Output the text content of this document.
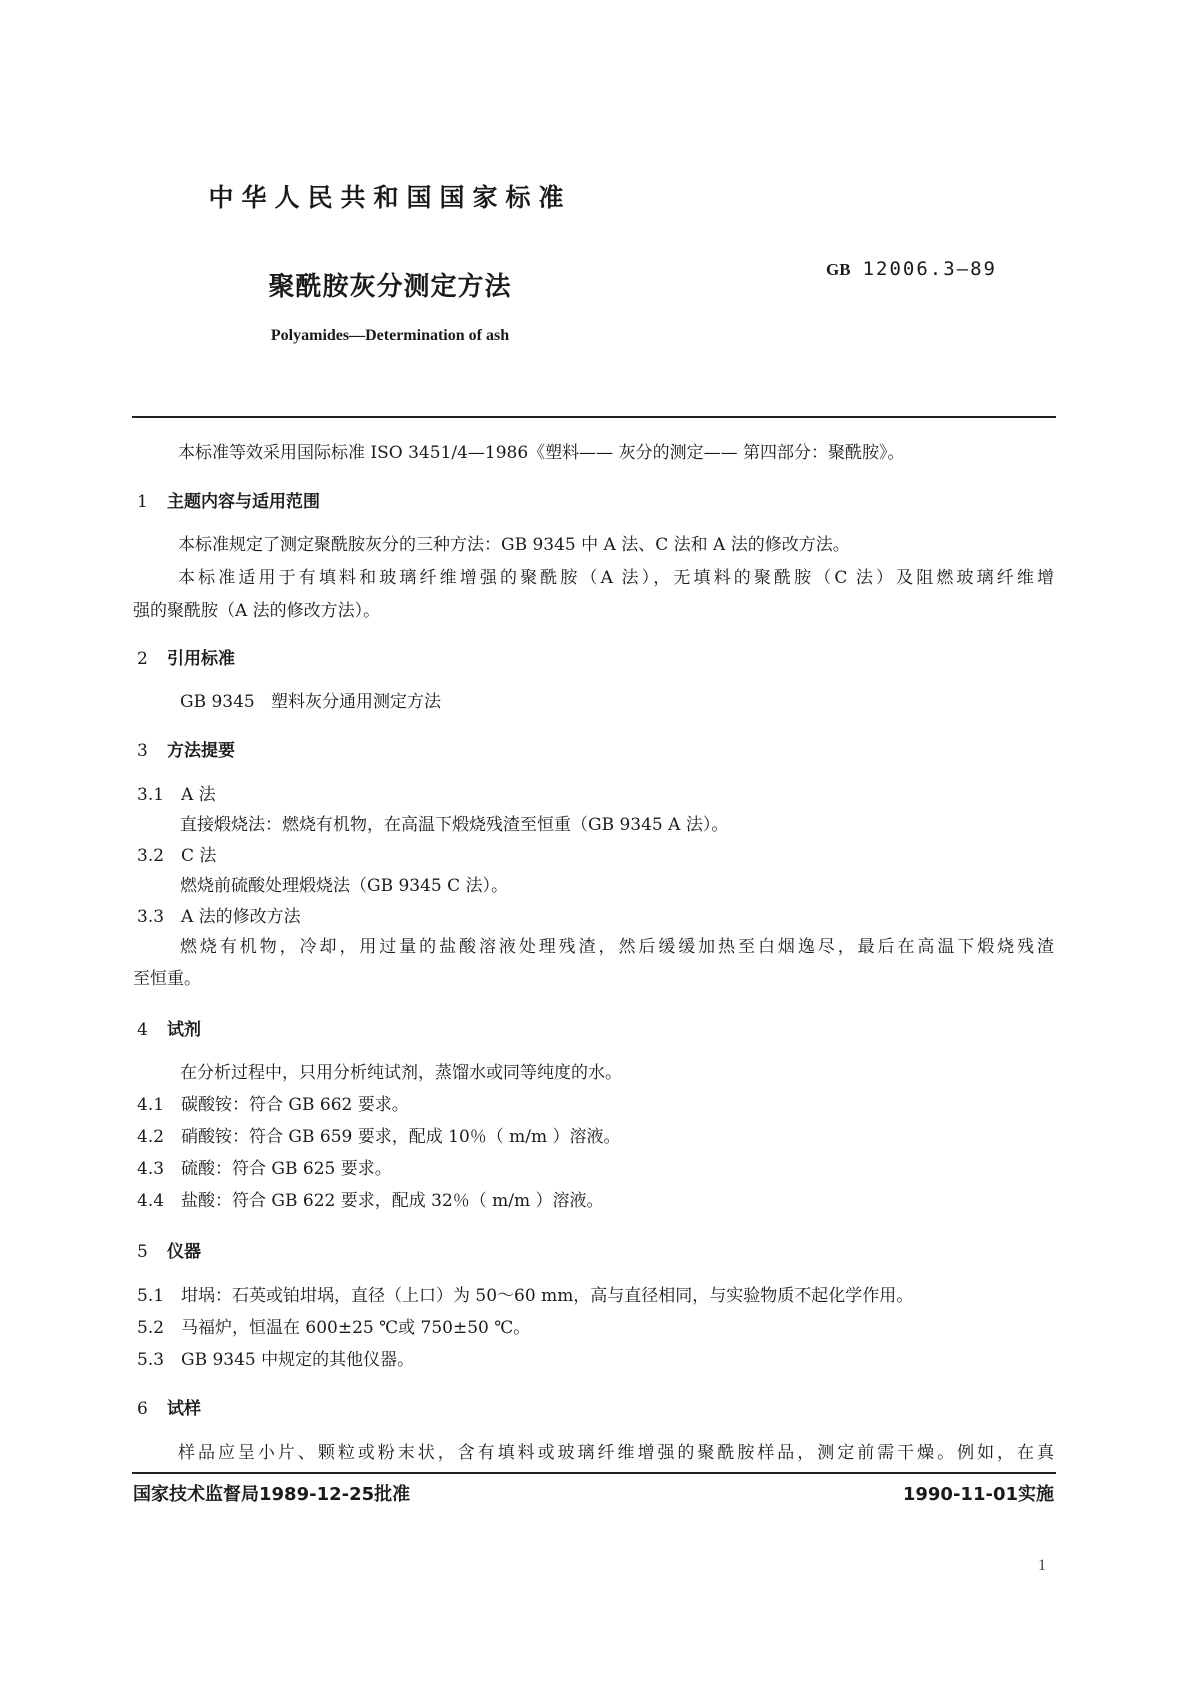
中华人民共和国国家标准
聚酰胺灰分测定方法
GB 12006.3—89
Polyamides—Determination of ash
本标准等效采用国际标准 ISO 3451/4—1986《塑料—— 灰分的测定—— 第四部分：聚酰胺》。
1 主题内容与适用范围
本标准规定了测定聚酰胺灰分的三种方法：GB 9345 中 A 法、C 法和 A 法的修改方法。
本标准适用于有填料和玻璃纤维增强的聚酰胺（A 法），无填料的聚酰胺（C 法）及阻燃玻璃纤维增
强的聚酰胺（A 法的修改方法）。
2 引用标准
GB 9345   塑料灰分通用测定方法
3 方法提要
3.1 A 法
直接煅烧法：燃烧有机物，在高温下煅烧残渣至恒重（GB 9345 A 法）。
3.2 C 法
燃烧前硫酸处理煅烧法（GB 9345 C 法）。
3.3 A 法的修改方法
燃烧有机物，冷却，用过量的盐酸溶液处理残渣，然后缓缓加热至白烟逸尽，最后在高温下煅烧残渣
至恒重。
4 试剂
在分析过程中，只用分析纯试剂，蒸馏水或同等纯度的水。
4.1 碳酸铵：符合 GB 662 要求。
4.2 硝酸铵：符合 GB 659 要求，配成 10％（ m/m ）溶液。
4.3 硫酸：符合 GB 625 要求。
4.4 盐酸：符合 GB 622 要求，配成 32％（ m/m ）溶液。
5 仪器
5.1 坩埚：石英或铂坩埚，直径（上口）为 50～60 mm，高与直径相同，与实验物质不起化学作用。
5.2 马福炉，恒温在 600±25 ℃或 750±50 ℃。
5.3 GB 9345 中规定的其他仪器。
6 试样
样品应呈小片、颗粒或粉末状，含有填料或玻璃纤维增强的聚酰胺样品，测定前需干燥。例如，在真
国家技术监督局1989-12-25批准	1990-11-01实施
1
